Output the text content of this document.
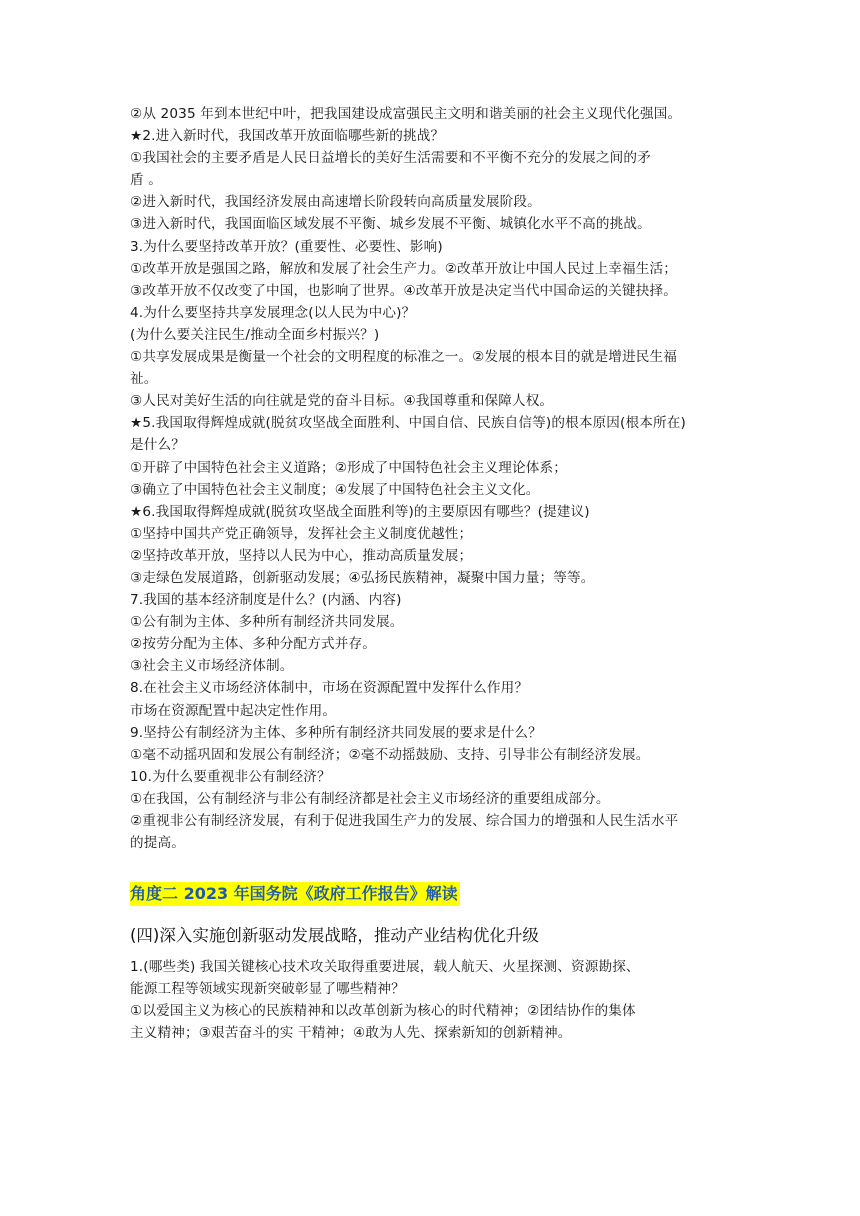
②从 2035 年到本世纪中叶，把我国建设成富强民主文明和谐美丽的社会主义现代化强国。
★2.进入新时代，我国改革开放面临哪些新的挑战？
①我国社会的主要矛盾是人民日益增长的美好生活需要和不平衡不充分的发展之间的矛
盾 。
②进入新时代，我国经济发展由高速增长阶段转向高质量发展阶段。
③进入新时代，我国面临区域发展不平衡、城乡发展不平衡、城镇化水平不高的挑战。
3.为什么要坚持改革开放？(重要性、必要性、影响)
①改革开放是强国之路，解放和发展了社会生产力。②改革开放让中国人民过上幸福生活；
③改革开放不仅改变了中国，也影响了世界。④改革开放是决定当代中国命运的关键抉择。
4.为什么要坚持共享发展理念(以人民为中心)？
(为什么要关注民生/推动全面乡村振兴？)
①共享发展成果是衡量一个社会的文明程度的标准之一。②发展的根本目的就是增进民生福
祉。
③人民对美好生活的向往就是党的奋斗目标。④我国尊重和保障人权。
★5.我国取得辉煌成就(脱贫攻坚战全面胜利、中国自信、民族自信等)的根本原因(根本所在)
是什么？
①开辟了中国特色社会主义道路；②形成了中国特色社会主义理论体系；
③确立了中国特色社会主义制度；④发展了中国特色社会主义文化。
★6.我国取得辉煌成就(脱贫攻坚战全面胜利等)的主要原因有哪些？(提建议)
①坚持中国共产党正确领导，发挥社会主义制度优越性；
②坚持改革开放，坚持以人民为中心，推动高质量发展；
③走绿色发展道路，创新驱动发展；④弘扬民族精神，凝聚中国力量；等等。
7.我国的基本经济制度是什么？(内涵、内容)
①公有制为主体、多种所有制经济共同发展。
②按劳分配为主体、多种分配方式并存。
③社会主义市场经济体制。
8.在社会主义市场经济体制中，市场在资源配置中发挥什么作用？
市场在资源配置中起决定性作用。
9.坚持公有制经济为主体、多种所有制经济共同发展的要求是什么？
①毫不动摇巩固和发展公有制经济；②毫不动摇鼓励、支持、引导非公有制经济发展。
10.为什么要重视非公有制经济？
①在我国，公有制经济与非公有制经济都是社会主义市场经济的重要组成部分。
②重视非公有制经济发展，有利于促进我国生产力的发展、综合国力的增强和人民生活水平
的提高。
角度二 2023 年国务院《政府工作报告》解读
(四)深入实施创新驱动发展战略，推动产业结构优化升级
1.(哪些类) 我国关键核心技术攻关取得重要进展，载人航天、火星探测、资源勘探、
能源工程等领域实现新突破彰显了哪些精神？
①以爱国主义为核心的民族精神和以改革创新为核心的时代精神；②团结协作的集体
主义精神；③艰苦奋斗的实 干精神；④敢为人先、探索新知的创新精神。
